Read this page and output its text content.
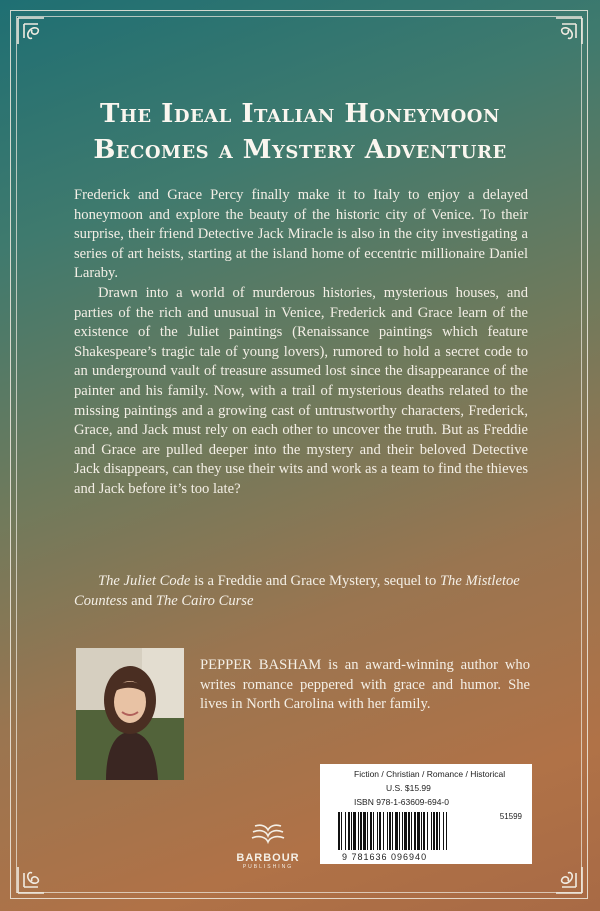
The Ideal Italian Honeymoon
Becomes a Mystery Adventure

Frederick and Grace Percy finally make it to Italy to enjoy a delayed honeymoon and explore the beauty of the historic city of Venice. To their surprise, their friend Detective Jack Miracle is also in the city investigating a series of art heists, starting at the island home of eccentric millionaire Daniel Laraby.

Drawn into a world of murderous histories, mysterious houses, and parties of the rich and unusual in Venice, Frederick and Grace learn of the existence of the Juliet paintings (Renaissance paintings which feature Shakespeare’s tragic tale of young lovers), rumored to hold a secret code to an underground vault of treasure assumed lost since the disappearance of the painter and his family. Now, with a trail of mysterious deaths related to the missing paintings and a growing cast of untrustworthy characters, Frederick, Grace, and Jack must rely on each other to uncover the truth. But as Freddie and Grace are pulled deeper into the mystery and their beloved Detective Jack disappears, can they use their wits and work as a team to find the thieves and Jack before it’s too late?

The Juliet Code is a Freddie and Grace Mystery, sequel to The Mistletoe Countess and The Cairo Curse
PEPPER BASHAM is an award-winning author who writes romance peppered with grace and humor. She lives in North Carolina with her family.
BARBOUR
PUBLISHING
Fiction / Christian / Romance / Historical
U.S. $15.99
ISBN 978-1-63609-694-0
51599
9 781636 096940
